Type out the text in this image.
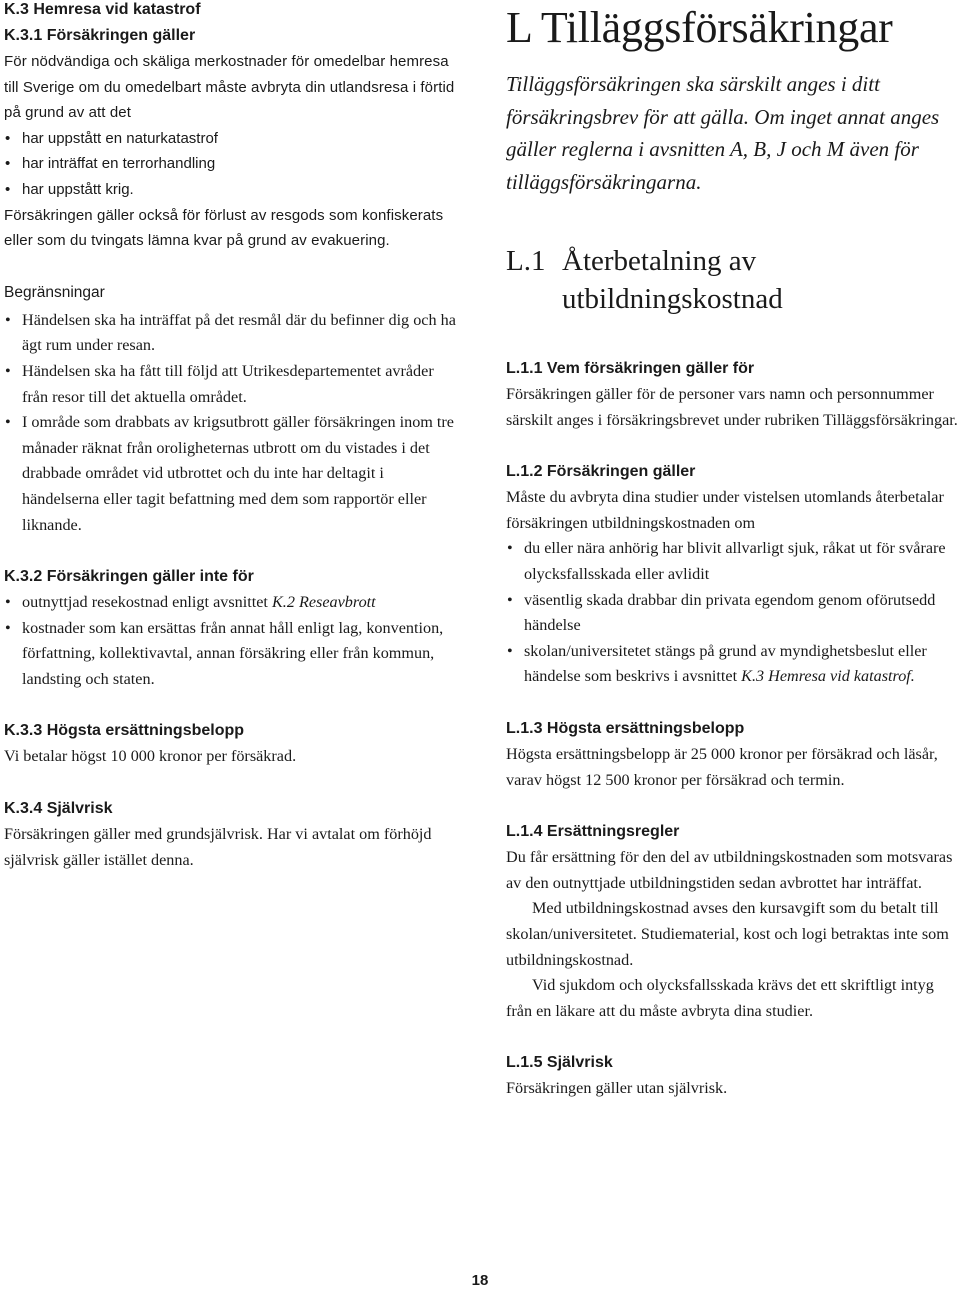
K.3 Hemresa vid katastrof
K.3.1 Försäkringen gäller

För nödvändiga och skäliga merkostnader för omedelbar hemresa till Sverige om du omedelbart måste avbryta din utlandsresa i förtid på grund av att det

• har uppstått en naturkatastrof
• har inträffat en terrorhandling
• har uppstått krig.

Försäkringen gäller också för förlust av resgods som konfiskerats eller som du tvingats lämna kvar på grund av evakuering.

Begränsningar
• Händelsen ska ha inträffat på det resmål där du befinner dig och ha ägt rum under resan.
• Händelsen ska ha fått till följd att Utrikesdepartementet avråder från resor till det aktuella området.
• I område som drabbats av krigsutbrott gäller försäkringen inom tre månader räknat från oroligheternas utbrott om du vistades i det drabbade området vid utbrottet och du inte har deltagit i händelserna eller tagit befattning med dem som rapportör eller liknande.
K.3.2 Försäkringen gäller inte för
• outnyttjad resekostnad enligt avsnittet K.2 Reseavbrott
• kostnader som kan ersättas från annat håll enligt lag, konvention, författning, kollektivavtal, annan försäkring eller från kommun, landsting och staten.
K.3.3 Högsta ersättningsbelopp

Vi betalar högst 10 000 kronor per försäkrad.

K.3.4 Självrisk

Försäkringen gäller med grundsjälvrisk. Har vi avtalat om förhöjd självrisk gäller istället denna.

L Tilläggsförsäkringar

Tilläggsförsäkringen ska särskilt anges i ditt försäkringsbrev för att gälla. Om inget annat anges gäller reglerna i avsnitten A, B, J och M även för tilläggsförsäkringarna.

L.1 Återbetalning av utbildningskostnad
L.1.1 Vem försäkringen gäller för

Försäkringen gäller för de personer vars namn och personnummer särskilt anges i försäkringsbrevet under rubriken Tilläggsförsäkringar.

L.1.2 Försäkringen gäller

Måste du avbryta dina studier under vistelsen utomlands återbetalar försäkringen utbildningskostnaden om

• du eller nära anhörig har blivit allvarligt sjuk, råkat ut för svårare olycksfallsskada eller avlidit
• väsentlig skada drabbar din privata egendom genom oförutsedd händelse
• skolan/universitetet stängs på grund av myndighetsbeslut eller händelse som beskrivs i avsnittet K.3 Hemresa vid katastrof.
L.1.3 Högsta ersättningsbelopp

Högsta ersättningsbelopp är 25 000 kronor per försäkrad och läsår, varav högst 12 500 kronor per försäkrad och termin.

L.1.4 Ersättningsregler

Du får ersättning för den del av utbildningskostnaden som motsvaras av den outnyttjade utbildningstiden sedan avbrottet har inträffat.

Med utbildningskostnad avses den kursavgift som du betalt till skolan/universitetet. Studiematerial, kost och logi betraktas inte som utbildningskostnad.

Vid sjukdom och olycksfallsskada krävs det ett skriftligt intyg från en läkare att du måste avbryta dina studier.

L.1.5 Självrisk

Försäkringen gäller utan självrisk.

18
